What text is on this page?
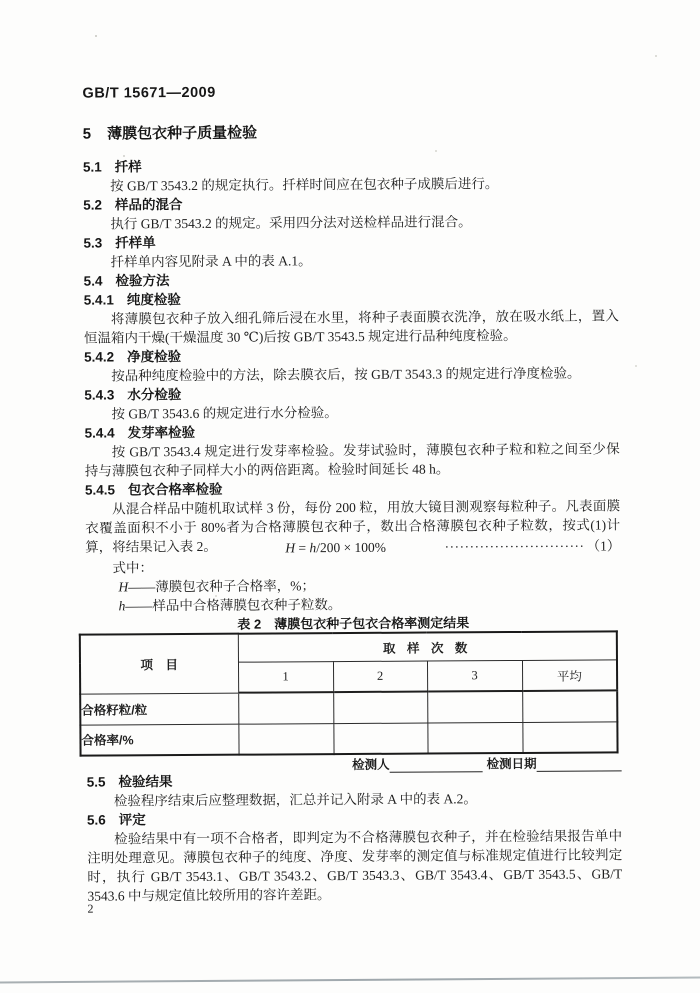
GB/T 15671—2009
5 薄膜包衣种子质量检验
5.1 扦样
按 GB/T 3543.2 的规定执行。扦样时间应在包衣种子成膜后进行。
5.2 样品的混合
执行 GB/T 3543.2 的规定。采用四分法对送检样品进行混合。
5.3 扦样单
扦样单内容见附录 A 中的表 A.1。
5.4 检验方法
5.4.1 纯度检验
将薄膜包衣种子放入细孔筛后浸在水里，将种子表面膜衣洗净，放在吸水纸上，置入恒温箱内干燥(干燥温度 30 ℃)后按 GB/T 3543.5 规定进行品种纯度检验。
5.4.2 净度检验
按品种纯度检验中的方法，除去膜衣后，按 GB/T 3543.3 的规定进行净度检验。
5.4.3 水分检验
按 GB/T 3543.6 的规定进行水分检验。
5.4.4 发芽率检验
按 GB/T 3543.4 规定进行发芽率检验。发芽试验时，薄膜包衣种子粒和粒之间至少保持与薄膜包衣种子同样大小的两倍距离。检验时间延长 48 h。
5.4.5 包衣合格率检验
从混合样品中随机取试样 3 份，每份 200 粒，用放大镜目测观察每粒种子。凡表面膜衣覆盖面积不小于 80%者为合格薄膜包衣种子，数出合格薄膜包衣种子粒数，按式(1)计算，将结果记入表 2。	H = h/200 × 100%	···························· （1）
式中：
H——薄膜包衣种子合格率，%；
h——样品中合格薄膜包衣种子粒数。
表 2　薄膜包衣种子包衣合格率测定结果
项　目	取 样 次 数			
	1	2	3	平均
合格籽粒/粒				
合格率/%				
检测人	检测日期
5.5 检验结果
检验程序结束后应整理数据，汇总并记入附录 A 中的表 A.2。
5.6 评定
检验结果中有一项不合格者，即判定为不合格薄膜包衣种子，并在检验结果报告单中注明处理意见。薄膜包衣种子的纯度、净度、发芽率的测定值与标准规定值进行比较判定时，执行 GB/T 3543.1、GB/T 3543.2、GB/T 3543.3、GB/T 3543.4、GB/T 3543.5、GB/T 3543.6 中与规定值比较所用的容许差距。
2
